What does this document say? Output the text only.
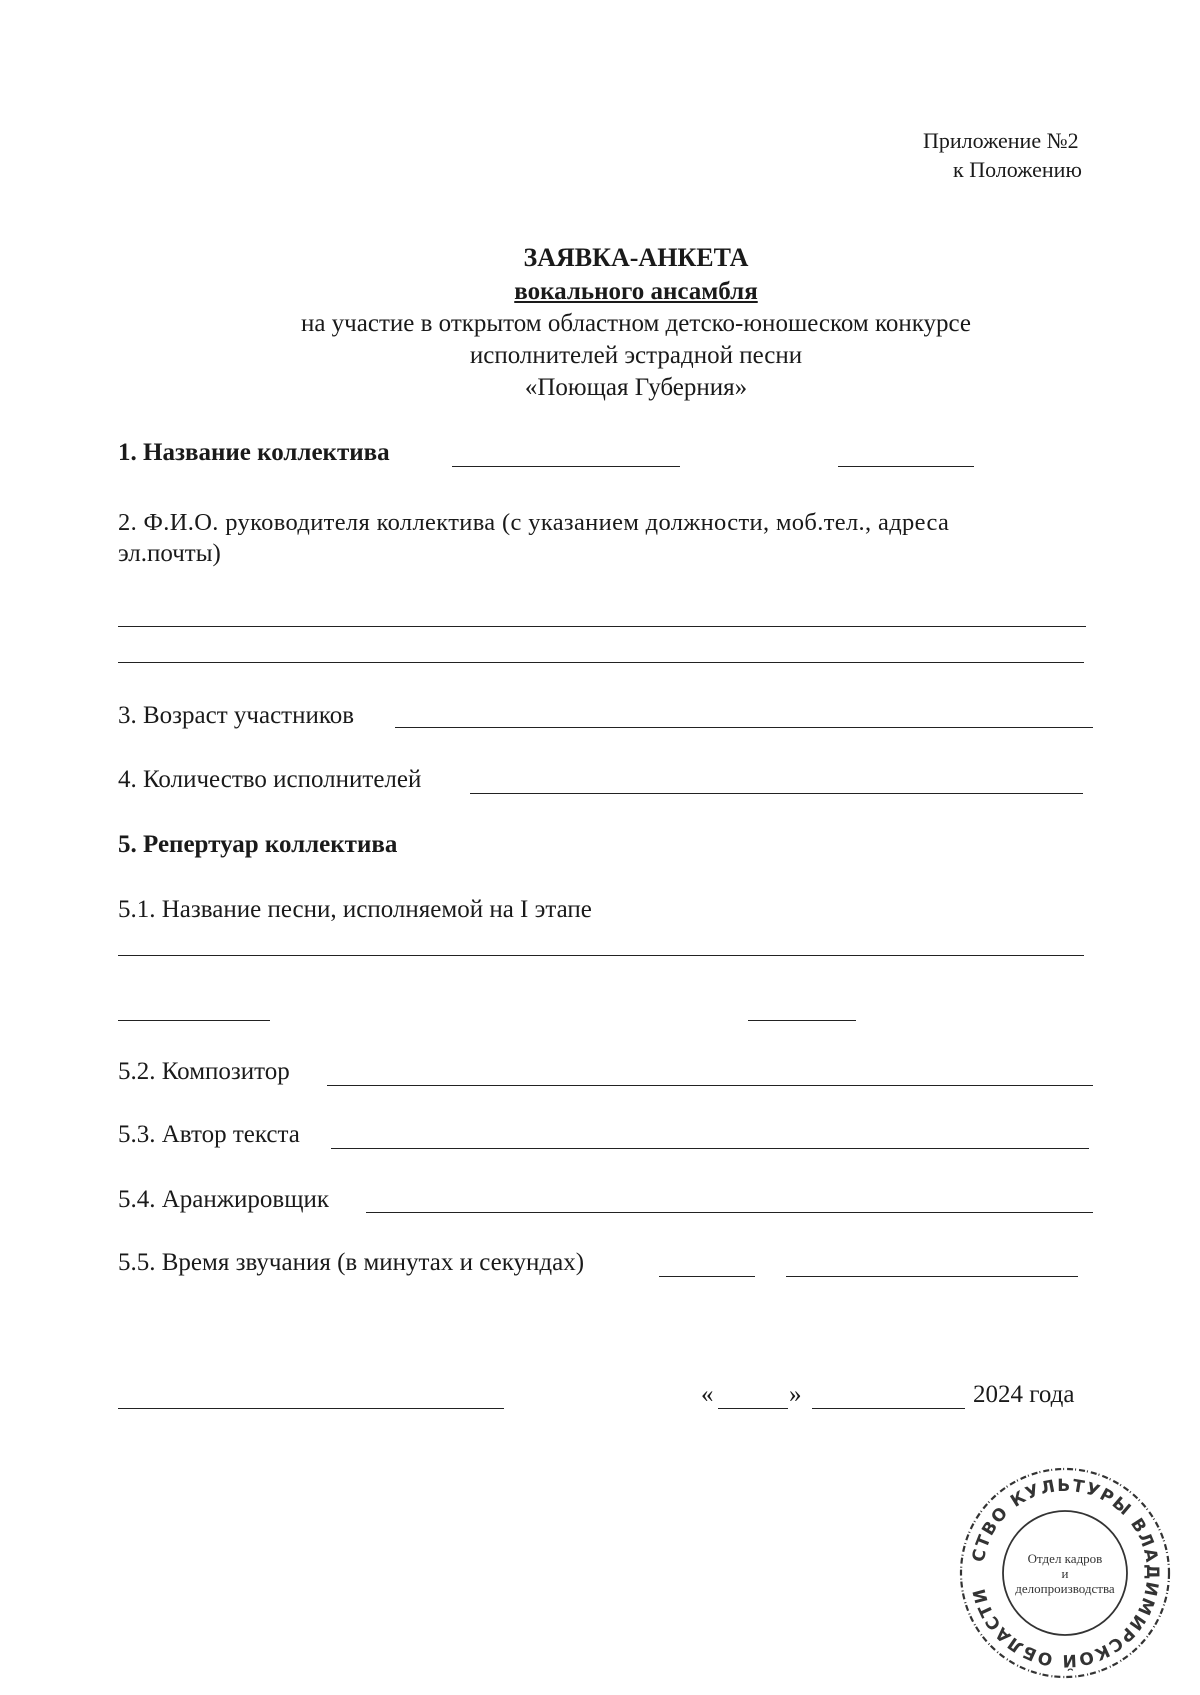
Приложение №2
к Положению
ЗАЯВКА-АНКЕТА
вокального ансамбля
на участие в открытом областном детско-юношеском конкурсе
исполнителей эстрадной песни
«Поющая Губерния»
1. Название коллектива
2. Ф.И.О. руководителя коллектива (с указанием должности, моб.тел., адреса
эл.почты)
3. Возраст участников
4. Количество исполнителей
5. Репертуар коллектива
5.1. Название песни, исполняемой на I этапе
5.2. Композитор
5.3. Автор текста
5.4. Аранжировщик
5.5. Время звучания (в минутах и секундах)
«	»	2024 года
СТВО КУЛЬТУРЫ ВЛАДИМИРСКОЙ ОБЛАСТИ
Отдел кадров
и
делопроизводства
